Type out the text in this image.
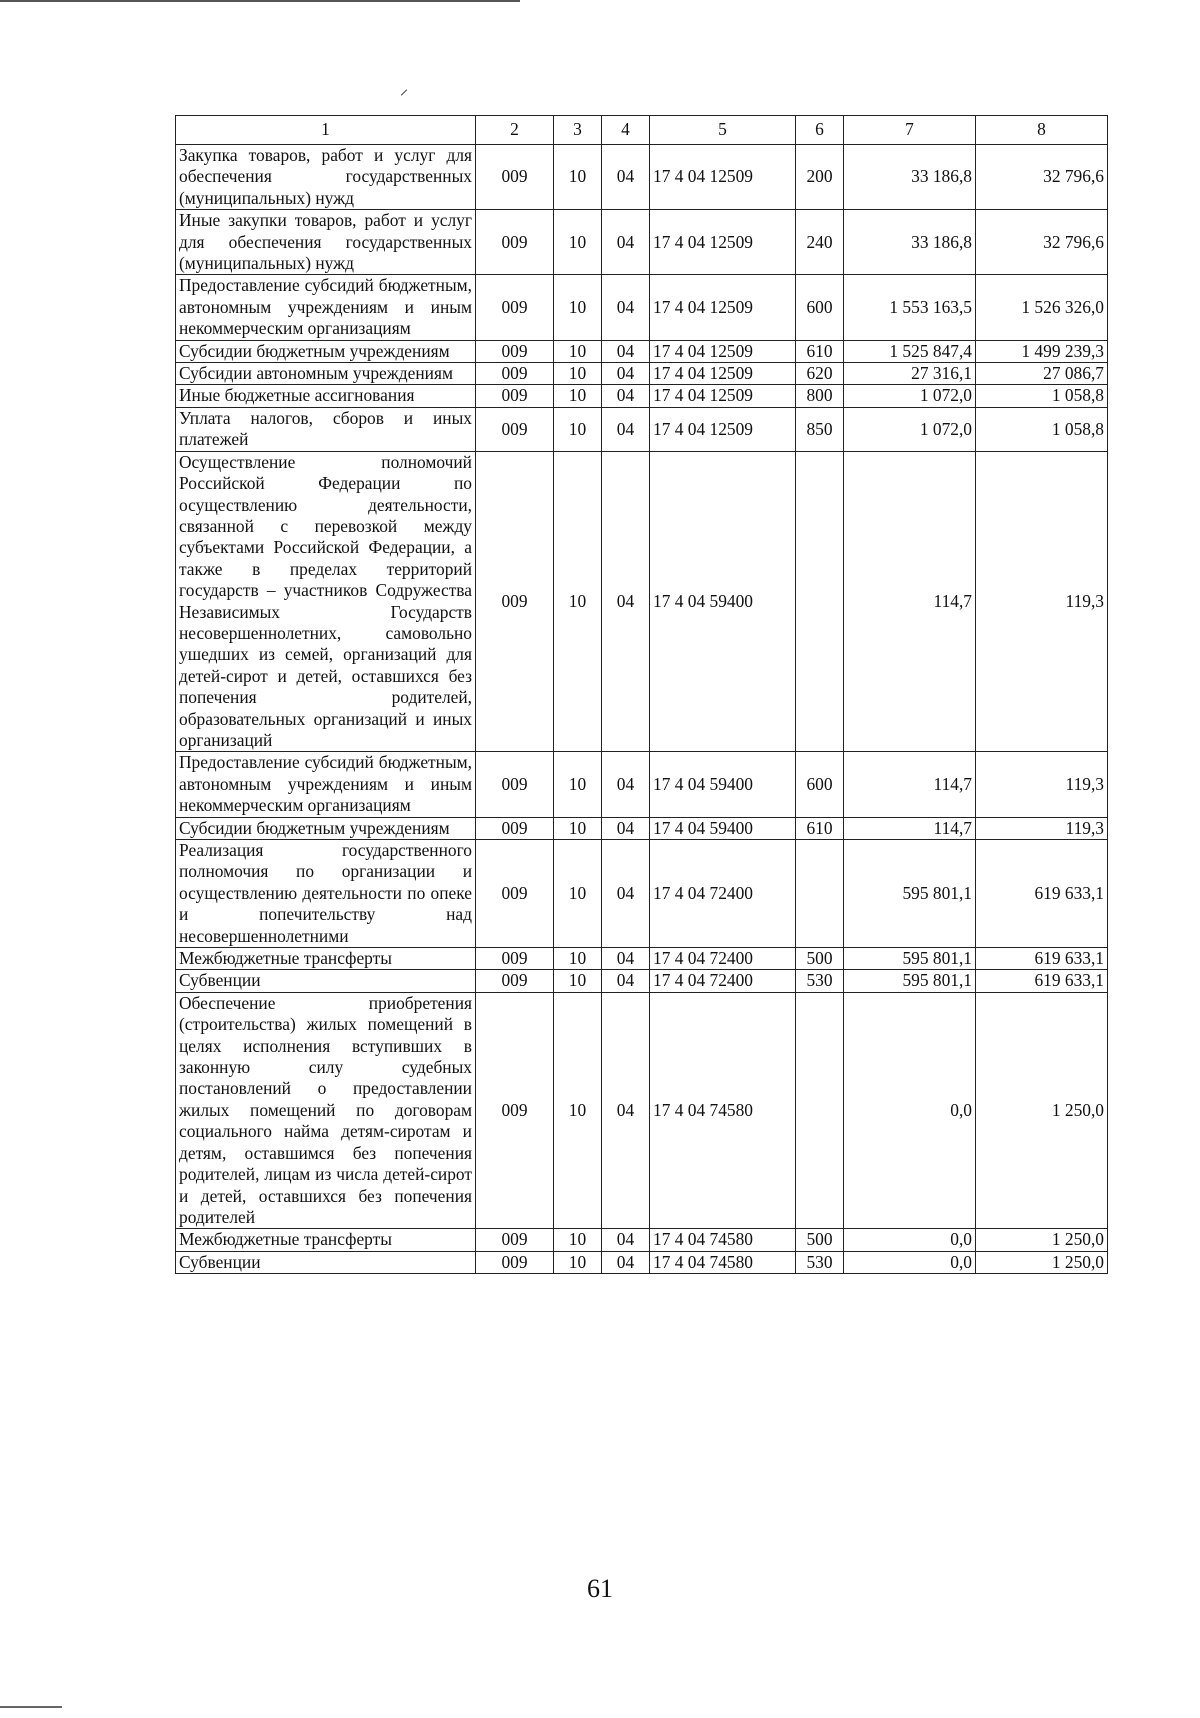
1	2	3	4	5	6	7	8
Закупка товаров, работ и услуг для обеспечения государственных (муниципальных) нужд	009	10	04	17 4 04 12509	200	33 186,8	32 796,6
Иные закупки товаров, работ и услуг для обеспечения государственных (муниципальных) нужд	009	10	04	17 4 04 12509	240	33 186,8	32 796,6
Предоставление субсидий бюджетным, автономным учреждениям и иным некоммерческим организациям	009	10	04	17 4 04 12509	600	1 553 163,5	1 526 326,0
Субсидии бюджетным учреждениям	009	10	04	17 4 04 12509	610	1 525 847,4	1 499 239,3
Субсидии автономным учреждениям	009	10	04	17 4 04 12509	620	27 316,1	27 086,7
Иные бюджетные ассигнования	009	10	04	17 4 04 12509	800	1 072,0	1 058,8
Уплата налогов, сборов и иных платежей	009	10	04	17 4 04 12509	850	1 072,0	1 058,8
Осуществление полномочий Российской Федерации по осуществлению деятельности, связанной с перевозкой между субъектами Российской Федерации, а также в пределах территорий государств – участников Содружества Независимых Государств несовершеннолетних, самовольно ушедших из семей, организаций для детей-сирот и детей, оставшихся без попечения родителей, образовательных организаций и иных организаций	009	10	04	17 4 04 59400		114,7	119,3
Предоставление субсидий бюджетным, автономным учреждениям и иным некоммерческим организациям	009	10	04	17 4 04 59400	600	114,7	119,3
Субсидии бюджетным учреждениям	009	10	04	17 4 04 59400	610	114,7	119,3
Реализация государственного полномочия по организации и осуществлению деятельности по опеке и попечительству над несовершеннолетними	009	10	04	17 4 04 72400		595 801,1	619 633,1
Межбюджетные трансферты	009	10	04	17 4 04 72400	500	595 801,1	619 633,1
Субвенции	009	10	04	17 4 04 72400	530	595 801,1	619 633,1
Обеспечение приобретения (строительства) жилых помещений в целях исполнения вступивших в законную силу судебных постановлений о предоставлении жилых помещений по договорам социального найма детям-сиротам и детям, оставшимся без попечения родителей, лицам из числа детей-сирот и детей, оставшихся без попечения родителей	009	10	04	17 4 04 74580		0,0	1 250,0
Межбюджетные трансферты	009	10	04	17 4 04 74580	500	0,0	1 250,0
Субвенции	009	10	04	17 4 04 74580	530	0,0	1 250,0
61
